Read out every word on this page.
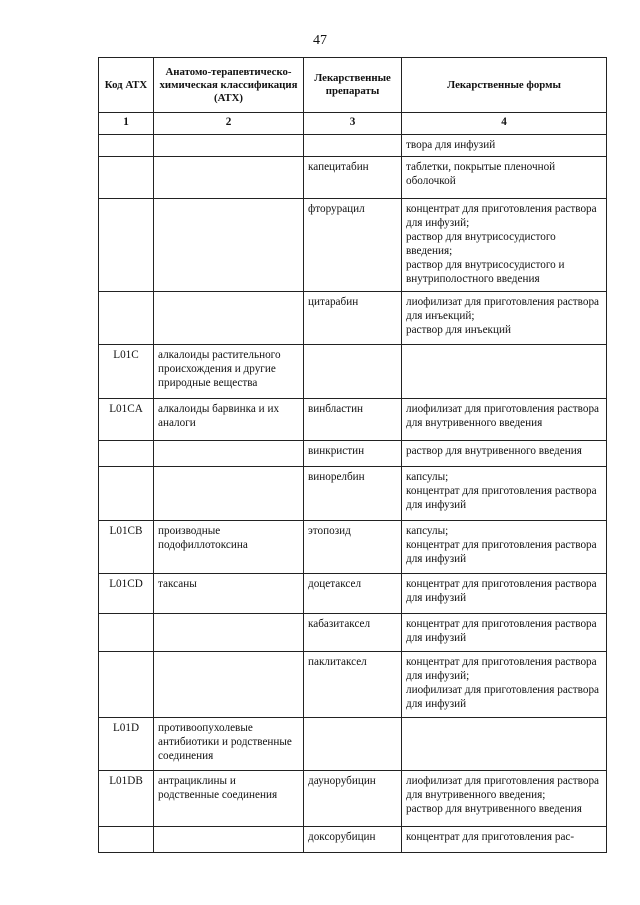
47
Код АТХ	Анатомо-терапевтическо-химическая классификация (АТХ)	Лекарственные препараты	Лекарственные формы
1	2	3	4
			твора для инфузий
		капецитабин	таблетки, покрытые пленочной оболочкой
		фторурацил	концентрат для приготовления раствора для инфузий;
раствор для внутрисосудистого введения;
раствор для внутрисосудистого и внутриполостного введения
		цитарабин	лиофилизат для приготовления раствора для инъекций;
раствор для инъекций
L01C	алкалоиды растительного происхождения и другие природные вещества		
L01CA	алкалоиды барвинка и их аналоги	винбластин	лиофилизат для приготовления раствора для внутривенного введения
		винкристин	раствор для внутривенного введения
		винорелбин	капсулы;
концентрат для приготовления раствора для инфузий
L01CB	производные подофиллотоксина	этопозид	капсулы;
концентрат для приготовления раствора для инфузий
L01CD	таксаны	доцетаксел	концентрат для приготовления раствора для инфузий
		кабазитаксел	концентрат для приготовления раствора для инфузий
		паклитаксел	концентрат для приготовления раствора для инфузий;
лиофилизат для приготовления раствора для инфузий
L01D	противоопухолевые антибиотики и родственные соединения		
L01DB	антрациклины и родственные соединения	даунорубицин	лиофилизат для приготовления раствора для внутривенного введения;
раствор для внутривенного введения
		доксорубицин	концентрат для приготовления рас-
